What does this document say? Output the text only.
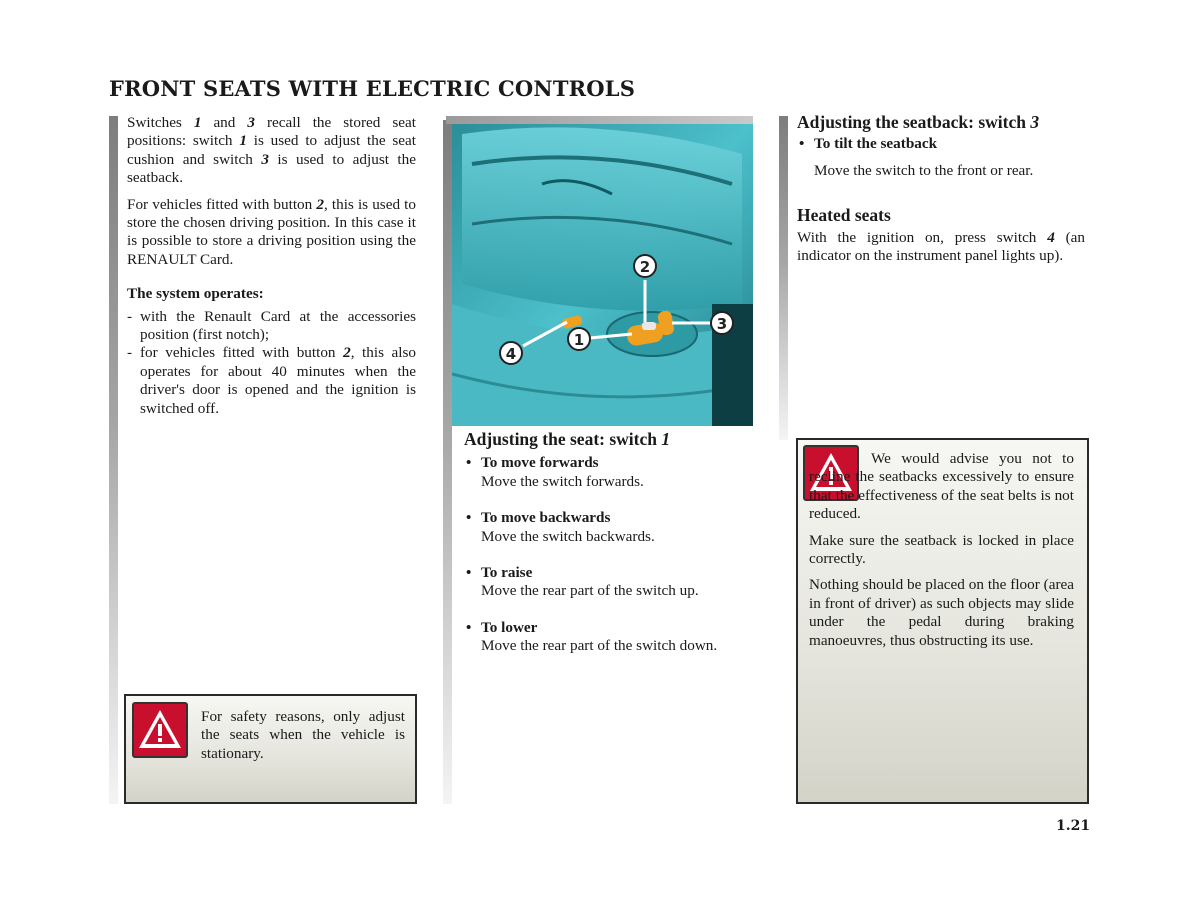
FRONT SEATS WITH ELECTRIC CONTROLS

Switches 1 and 3 recall the stored seat positions: switch 1 is used to adjust the seat cushion and switch 3 is used to adjust the seatback.

For vehicles fitted with button 2, this is used to store the chosen driving position. In this case it is possible to store a driving position using the RENAULT Card.

The system operates:

- with the Renault Card at the accessories position (first notch);
- for vehicles fitted with button 2, this also operates for about 40 minutes when the driver's door is opened and the ignition is switched off.
For safety reasons, only adjust the seats when the vehicle is stationary.
2
1
3
4
Adjusting the seat: switch 1
• To move forwards
Move the switch forwards.
• To move backwards
Move the switch backwards.
• To raise
Move the rear part of the switch up.
• To lower
Move the rear part of the switch down.
Adjusting the seatback: switch 3
• To tilt the seatback
Move the switch to the front or rear.
Heated seats

With the ignition on, press switch 4 (an indicator on the instrument panel lights up).

We would advise you not to recline the seatbacks excessively to ensure that the effectiveness of the seat belts is not reduced.

Make sure the seatback is locked in place correctly.

Nothing should be placed on the floor (area in front of driver) as such objects may slide under the pedal during braking manoeuvres, thus obstructing its use.

1.21
